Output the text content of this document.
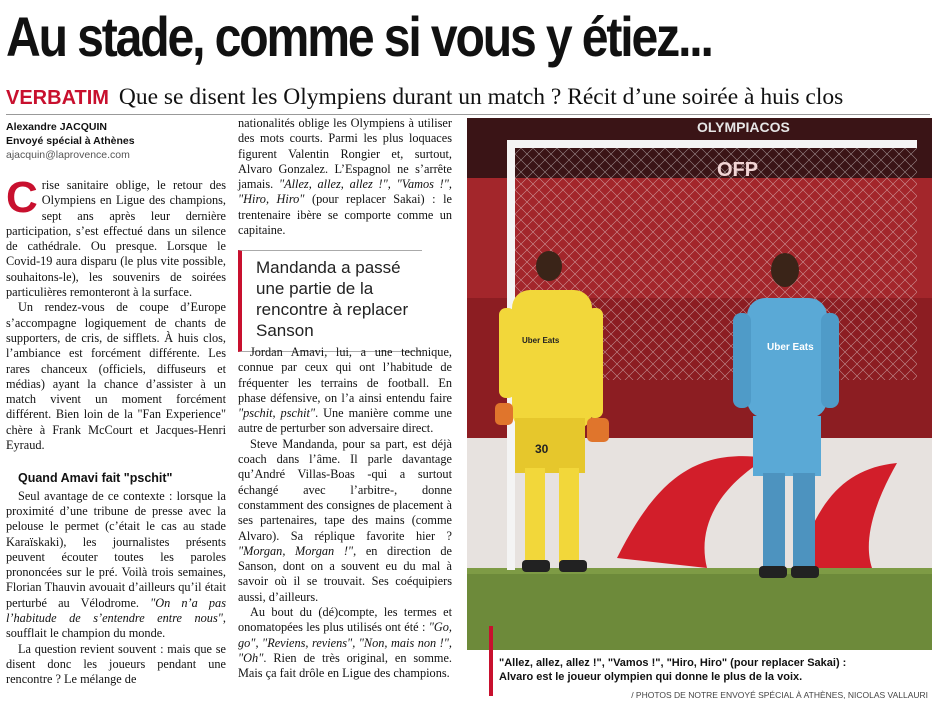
Au stade, comme si vous y étiez...
VERBATIM Que se disent les Olympiens durant un match ? Récit d’une soirée à huis clos
Alexandre JACQUIN
Envoyé spécial à Athènes
ajacquin@laprovence.com

Crise sanitaire oblige, le retour des Olympiens en Ligue des champions, sept ans après leur dernière participation, s’est effectué dans un silence de cathédrale. Ou presque. Lorsque le Covid-19 aura disparu (le plus vite possible, souhaitons-le), les souvenirs de soirées particulières remonteront à la surface.

Un rendez-vous de coupe d’Europe s’accompagne logiquement de chants de supporters, de cris, de sifflets. À huis clos, l’ambiance est forcément différente. Les rares chanceux (officiels, diffuseurs et médias) ayant la chance d’assister à un match vivent un moment forcément différent. Bien loin de la "Fan Experience" chère à Frank McCourt et Jacques-Henri Eyraud.

Quand Amavi fait "pschit"

Seul avantage de ce contexte : lorsque la proximité d’une tribune de presse avec la pelouse le permet (c’était le cas au stade Karaïskaki), les journalistes présents peuvent écouter toutes les paroles prononcées sur le pré. Voilà trois semaines, Florian Thauvin avouait d’ailleurs qu’il était perturbé au Vélodrome. "On n’a pas l’habitude de s’entendre entre nous", soufflait le champion du monde.

La question revient souvent : mais que se disent donc les joueurs pendant une rencontre ? Le mélange de

nationalités oblige les Olympiens à utiliser des mots courts. Parmi les plus loquaces figurent Valentin Rongier et, surtout, Alvaro Gonzalez. L’Espagnol ne s’arrête jamais. "Allez, allez, allez !", "Vamos !", "Hiro, Hiro" (pour replacer Sakai) : le trentenaire ibère se comporte comme un capitaine.

Mandanda a passé une partie de la rencontre à replacer Sanson

Jordan Amavi, lui, a une technique, connue par ceux qui ont l’habitude de fréquenter les terrains de football. En phase défensive, on l’a ainsi entendu faire "pschit, pschit". Une manière comme une autre de perturber son adversaire direct.

Steve Mandanda, pour sa part, est déjà coach dans l’âme. Il parle davantage qu’André Villas-Boas -qui a surtout échangé avec l’arbitre-, donne constamment des consignes de placement à ses partenaires, tape des mains (comme Alvaro). Sa réplique favorite hier ? "Morgan, Morgan !", en direction de Sanson, dont on a souvent eu du mal à savoir où il se trouvait. Ses coéquipiers aussi, d’ailleurs.

Au bout du (dé)compte, les termes et onomatopées les plus utilisés ont été : "Go, go", "Reviens, reviens", "Non, mais non !", "Oh". Rien de très original, en somme. Mais ça fait drôle en Ligue des champions.

OLYMPIACOS
OFP
30
Uber Eats
Uber Eats
"Allez, allez, allez !", "Vamos !", "Hiro, Hiro" (pour replacer Sakai) :
Alvaro est le joueur olympien qui donne le plus de la voix.
/ PHOTOS DE NOTRE ENVOYÉ SPÉCIAL À ATHÈNES, NICOLAS VALLAURI
